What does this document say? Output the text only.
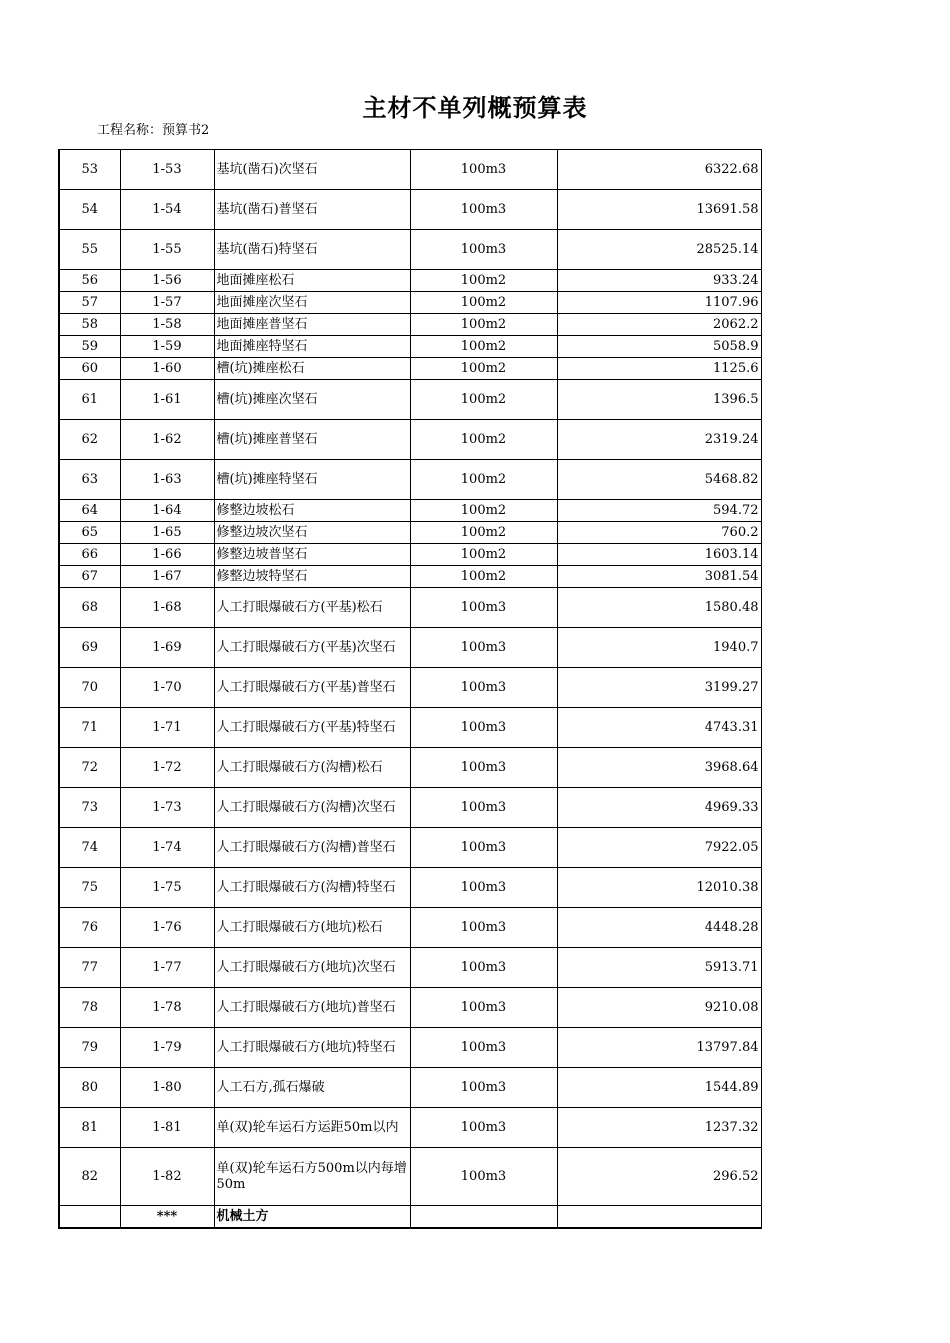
主材不单列概预算表
工程名称：预算书2
53	1-53	基坑(凿石)次坚石	100m3	6322.68
54	1-54	基坑(凿石)普坚石	100m3	13691.58
55	1-55	基坑(凿石)特坚石	100m3	28525.14
56	1-56	地面摊座松石	100m2	933.24
57	1-57	地面摊座次坚石	100m2	1107.96
58	1-58	地面摊座普坚石	100m2	2062.2
59	1-59	地面摊座特坚石	100m2	5058.9
60	1-60	槽(坑)摊座松石	100m2	1125.6
61	1-61	槽(坑)摊座次坚石	100m2	1396.5
62	1-62	槽(坑)摊座普坚石	100m2	2319.24
63	1-63	槽(坑)摊座特坚石	100m2	5468.82
64	1-64	修整边坡松石	100m2	594.72
65	1-65	修整边坡次坚石	100m2	760.2
66	1-66	修整边坡普坚石	100m2	1603.14
67	1-67	修整边坡特坚石	100m2	3081.54
68	1-68	人工打眼爆破石方(平基)松石	100m3	1580.48
69	1-69	人工打眼爆破石方(平基)次坚石	100m3	1940.7
70	1-70	人工打眼爆破石方(平基)普坚石	100m3	3199.27
71	1-71	人工打眼爆破石方(平基)特坚石	100m3	4743.31
72	1-72	人工打眼爆破石方(沟槽)松石	100m3	3968.64
73	1-73	人工打眼爆破石方(沟槽)次坚石	100m3	4969.33
74	1-74	人工打眼爆破石方(沟槽)普坚石	100m3	7922.05
75	1-75	人工打眼爆破石方(沟槽)特坚石	100m3	12010.38
76	1-76	人工打眼爆破石方(地坑)松石	100m3	4448.28
77	1-77	人工打眼爆破石方(地坑)次坚石	100m3	5913.71
78	1-78	人工打眼爆破石方(地坑)普坚石	100m3	9210.08
79	1-79	人工打眼爆破石方(地坑)特坚石	100m3	13797.84
80	1-80	人工石方,孤石爆破	100m3	1544.89
81	1-81	单(双)轮车运石方运距50m以内	100m3	1237.32
82	1-82	单(双)轮车运石方500m以内每增50m	100m3	296.52
	***	机械土方		
